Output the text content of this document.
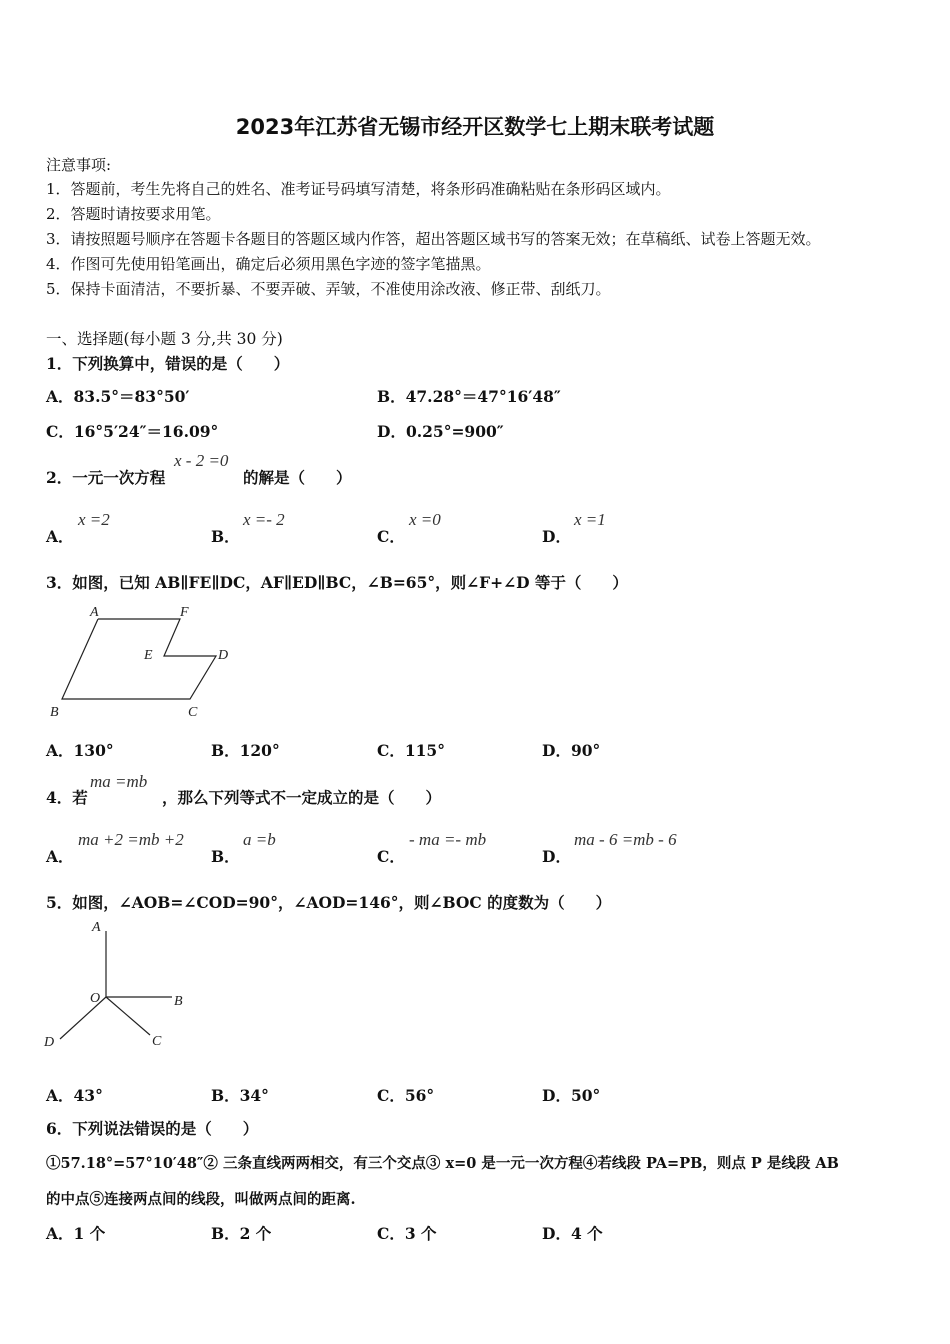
2023年江苏省无锡市经开区数学七上期末联考试题
注意事项:
1．答题前，考生先将自己的姓名、准考证号码填写清楚，将条形码准确粘贴在条形码区域内。
2．答题时请按要求用笔。
3．请按照题号顺序在答题卡各题目的答题区域内作答，超出答题区域书写的答案无效；在草稿纸、试卷上答题无效。
4．作图可先使用铅笔画出，确定后必须用黑色字迹的签字笔描黑。
5．保持卡面清洁，不要折暴、不要弄破、弄皱，不准使用涂改液、修正带、刮纸刀。
一、选择题(每小题 3 分,共 30 分)
1．下列换算中，错误的是（　　）
A．83.5°＝83°50′	B．47.28°＝47°16′48″
C．16°5′24″＝16.09°	D．0.25°=900″
2．一元一次方程
x - 2 =0
的解是（　　）
A．
x =2
B．
x =- 2
C．
x =0
D．
x =1
3．如图，已知 AB∥FE∥DC，AF∥ED∥BC，∠B=65°，则∠F+∠D 等于（　　）
A	F
E	D
B	C
A．130°	B．120°	C．115°	D．90°
4．若
ma =mb
，那么下列等式不一定成立的是（　　）
A．
ma +2 =mb +2
B．
a =b
C．
- ma =- mb
D．
ma - 6 =mb - 6
5．如图，∠AOB=∠COD=90°，∠AOD=146°，则∠BOC 的度数为（　　）
A
O	B
D	C
A．43°	B．34°	C．56°	D．50°
6．下列说法错误的是（　　）
①57.18°=57°10′48″② 三条直线两两相交，有三个交点③ x=0 是一元一次方程④若线段 PA=PB，则点 P 是线段 AB
的中点⑤连接两点间的线段，叫做两点间的距离.
A．1 个	B．2 个	C．3 个	D．4 个
